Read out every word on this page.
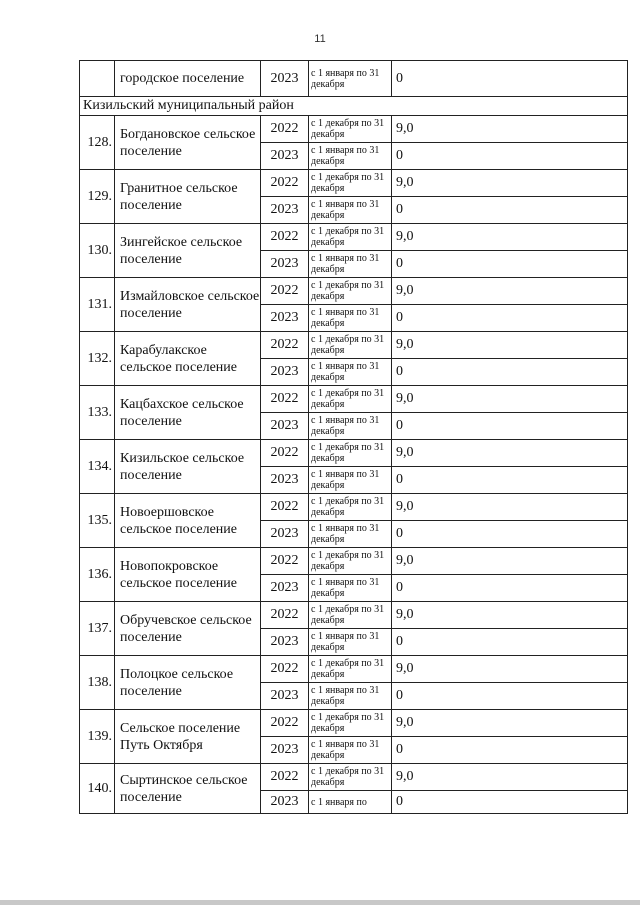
11
	городское поселение	2023	с 1 января по 31 декабря	0
Кизильский муниципальный район				
128.	Богдановское сельское поселение	2022	с 1 декабря по 31 декабря	9,0
		2023	с 1 января по 31 декабря	0
129.	Гранитное сельское поселение	2022	с 1 декабря по 31 декабря	9,0
		2023	с 1 января по 31 декабря	0
130.	Зингейское сельское поселение	2022	с 1 декабря по 31 декабря	9,0
		2023	с 1 января по 31 декабря	0
131.	Измайловское сельское поселение	2022	с 1 декабря по 31 декабря	9,0
		2023	с 1 января по 31 декабря	0
132.	Карабулакское сельское поселение	2022	с 1 декабря по 31 декабря	9,0
		2023	с 1 января по 31 декабря	0
133.	Кацбахское сельское поселение	2022	с 1 декабря по 31 декабря	9,0
		2023	с 1 января по 31 декабря	0
134.	Кизильское сельское поселение	2022	с 1 декабря по 31 декабря	9,0
		2023	с 1 января по 31 декабря	0
135.	Новоершовское сельское поселение	2022	с 1 декабря по 31 декабря	9,0
		2023	с 1 января по 31 декабря	0
136.	Новопокровское сельское поселение	2022	с 1 декабря по 31 декабря	9,0
		2023	с 1 января по 31 декабря	0
137.	Обручевское сельское поселение	2022	с 1 декабря по 31 декабря	9,0
		2023	с 1 января по 31 декабря	0
138.	Полоцкое сельское поселение	2022	с 1 декабря по 31 декабря	9,0
		2023	с 1 января по 31 декабря	0
139.	Сельское поселение Путь Октября	2022	с 1 декабря по 31 декабря	9,0
		2023	с 1 января по 31 декабря	0
140.	Сыртинское сельское поселение	2022	с 1 декабря по 31 декабря	9,0
		2023	с 1 января по	0
